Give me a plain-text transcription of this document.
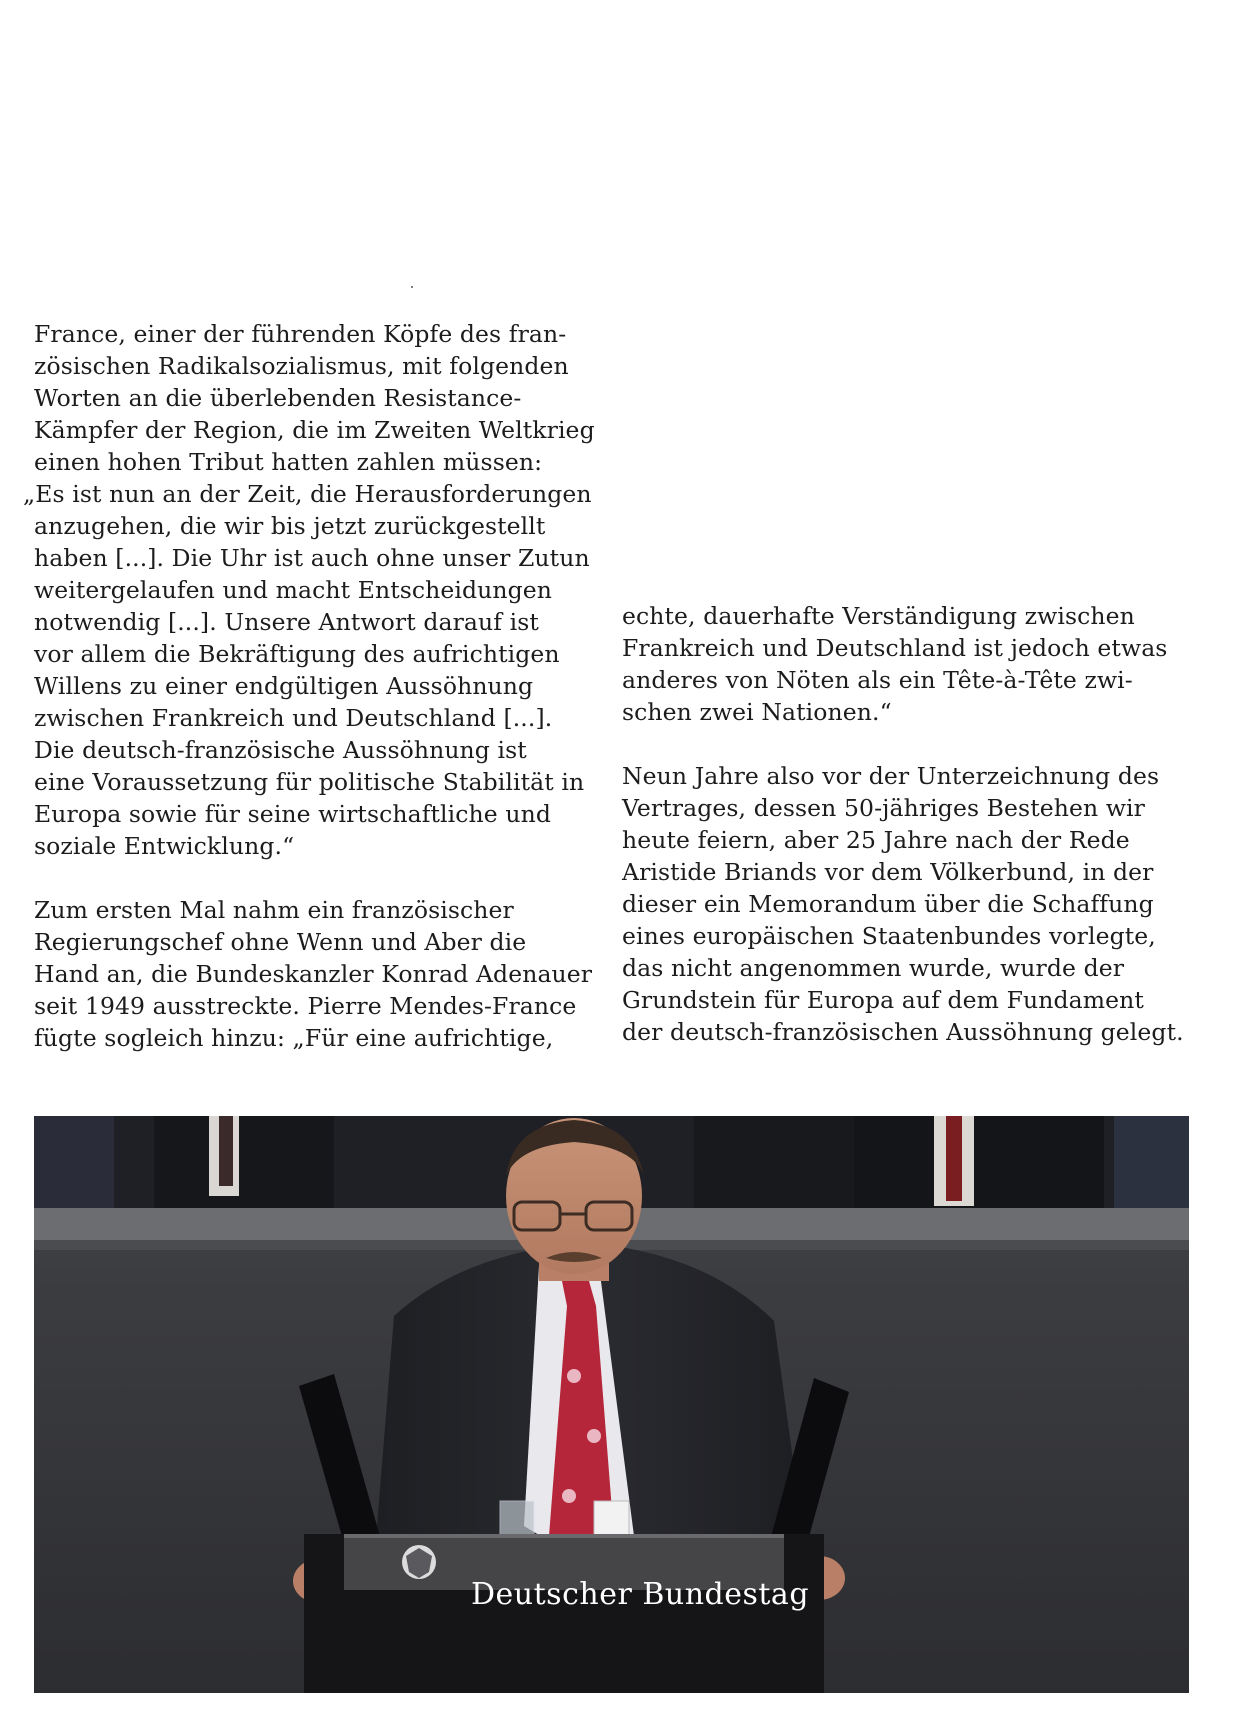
France, einer der führenden Köpfe des fran-
zösischen Radikalsozialismus, mit folgenden
Worten an die überlebenden Resistance-
Kämpfer der Region, die im Zweiten Weltkrieg
einen hohen Tribut hatten zahlen müssen:
„Es ist nun an der Zeit, die Herausforderungen
anzugehen, die wir bis jetzt zurückgestellt
haben [...]. Die Uhr ist auch ohne unser Zutun
weitergelaufen und macht Entscheidungen
notwendig [...]. Unsere Antwort darauf ist
vor allem die Bekräftigung des aufrichtigen
Willens zu einer endgültigen Aussöhnung
zwischen Frankreich und Deutschland [...].
Die deutsch-französische Aussöhnung ist
eine Voraussetzung für politische Stabilität in
Europa sowie für seine wirtschaftliche und
soziale Entwicklung.“
Zum ersten Mal nahm ein französischer
Regierungschef ohne Wenn und Aber die
Hand an, die Bundeskanzler Konrad Adenauer
seit 1949 ausstreckte. Pierre Mendes-France
fügte sogleich hinzu: „Für eine aufrichtige,
echte, dauerhafte Verständigung zwischen
Frankreich und Deutschland ist jedoch etwas
anderes von Nöten als ein Tête-à-Tête zwi-
schen zwei Nationen.“
Neun Jahre also vor der Unterzeichnung des
Vertrages, dessen 50-jähriges Bestehen wir
heute feiern, aber 25 Jahre nach der Rede
Aristide Briands vor dem Völkerbund, in der
dieser ein Memorandum über die Schaffung
eines europäischen Staatenbundes vorlegte,
das nicht angenommen wurde, wurde der
Grundstein für Europa auf dem Fundament
der deutsch-französischen Aussöhnung gelegt.
Deutscher Bundestag
